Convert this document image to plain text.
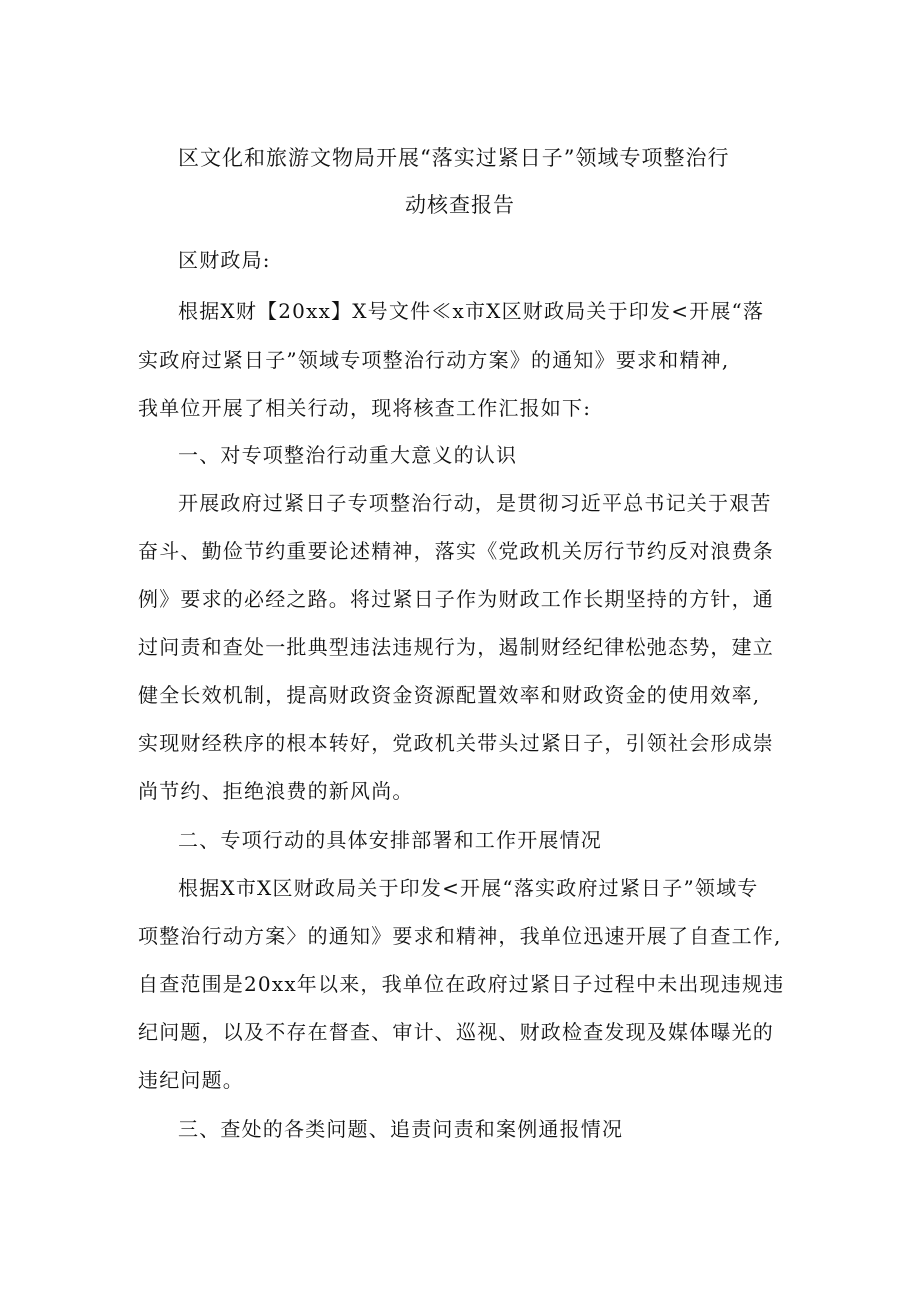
区文化和旅游文物局开展“落实过紧日子”领域专项整治行
动核查报告
区财政局:
根据X财【20xx】X号文件≪x市X区财政局关于印发<开展“落
实政府过紧日子”领域专项整治行动方案》的通知》要求和精神,
我单位开展了相关行动，现将核查工作汇报如下:
一、对专项整治行动重大意义的认识
开展政府过紧日子专项整治行动，是贯彻习近平总书记关于艰苦
奋斗、勤俭节约重要论述精神，落实《党政机关厉行节约反对浪费条
例》要求的必经之路。将过紧日子作为财政工作长期坚持的方针，通
过问责和查处一批典型违法违规行为，遏制财经纪律松弛态势，建立
健全长效机制，提高财政资金资源配置效率和财政资金的使用效率,
实现财经秩序的根本转好，党政机关带头过紧日子，引领社会形成崇
尚节约、拒绝浪费的新风尚。
二、专项行动的具体安排部署和工作开展情况
根据X市X区财政局关于印发<开展“落实政府过紧日子”领域专
项整治行动方案〉的通知》要求和精神，我单位迅速开展了自查工作,
自查范围是20xx年以来，我单位在政府过紧日子过程中未出现违规违
纪问题，以及不存在督查、审计、巡视、财政检查发现及媒体曝光的
违纪问题。
三、查处的各类问题、追责问责和案例通报情况
